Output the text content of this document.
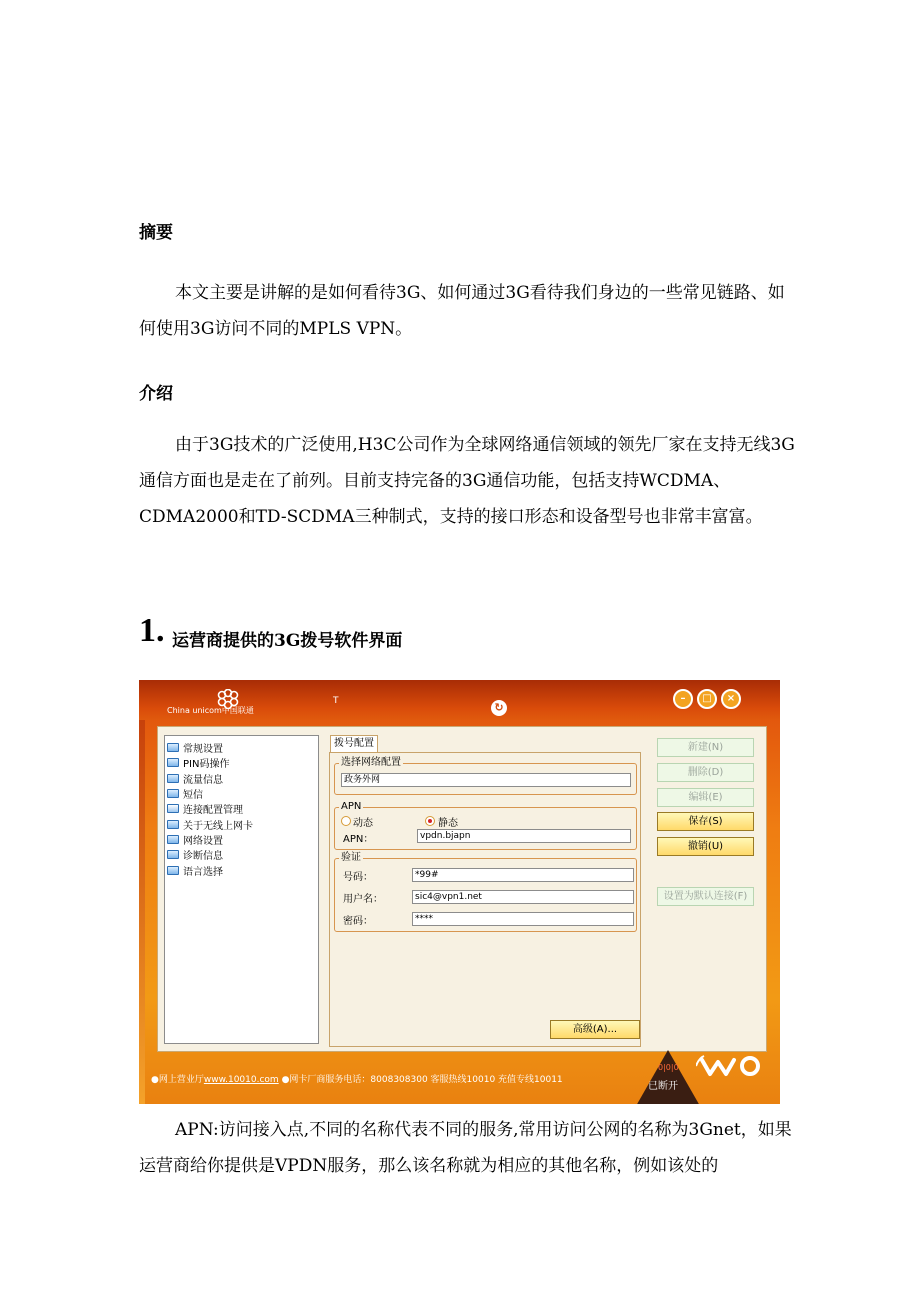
摘要
本文主要是讲解的是如何看待3G、如何通过3G看待我们身边的一些常见链路、如何使用3G访问不同的MPLS VPN。
介绍
由于3G技术的广泛使用,H3C公司作为全球网络通信领域的领先厂家在支持无线3G通信方面也是走在了前列。目前支持完备的3G通信功能，包括支持WCDMA、CDMA2000和TD-SCDMA三种制式，支持的接口形态和设备型号也非常丰富富。
1. 运营商提供的3G拨号软件界面
China unicom中国联通
T	↻
–	□	×
常规设置
PIN码操作
流量信息
短信
连接配置管理
关于无线上网卡
网络设置
诊断信息
语言选择
拨号配置
选择网络配置
政务外网
APN
动态	静态
APN：	vpdn.bjapn
验证
号码：	*99#
用户名：	sic4@vpn1.net
密码：	****
高级(A)...
新建(N)
删除(D)
编辑(E)
保存(S)
撤销(U)
设置为默认连接(F)
●网上营业厅www.10010.com ●网卡厂商服务电话：8008308300 客服热线10010 充值专线10011
0|0|0
已断开
APN:访问接入点,不同的名称代表不同的服务,常用访问公网的名称为3Gnet，如果运营商给你提供是VPDN服务，那么该名称就为相应的其他名称，例如该处的
